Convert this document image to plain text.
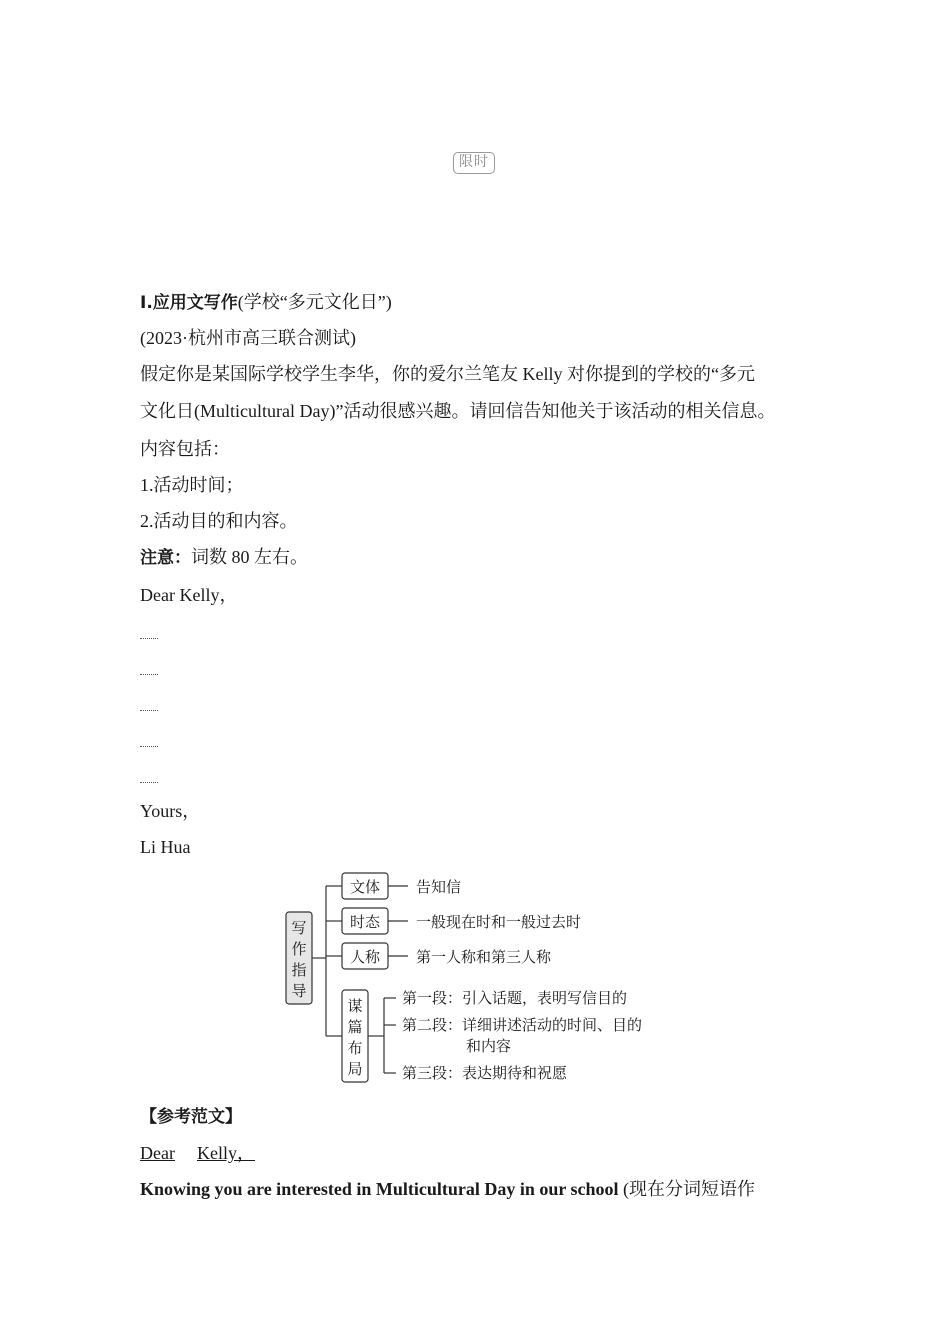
限时
Ⅰ.应用文写作(学校“多元文化日”)
(2023·杭州市高三联合测试)
假定你是某国际学校学生李华，你的爱尔兰笔友 Kelly 对你提到的学校的“多元
文化日(Multicultural Day)”活动很感兴趣。请回信告知他关于该活动的相关信息。
内容包括：
1.活动时间；
2.活动目的和内容。
注意：词数 80 左右。
Dear Kelly，
Yours，
Li Hua
写
作
指
导
文体
时态
人称
告知信
一般现在时和一般过去时
第一人称和第三人称
谋
篇
布
局
第一段：引入话题，表明写信目的
第二段：详细讲述活动的时间、目的
和内容
第三段：表达期待和祝愿
【参考范文】
Dear Kelly，
Knowing you are interested in Multicultural Day in our school (现在分词短语作
